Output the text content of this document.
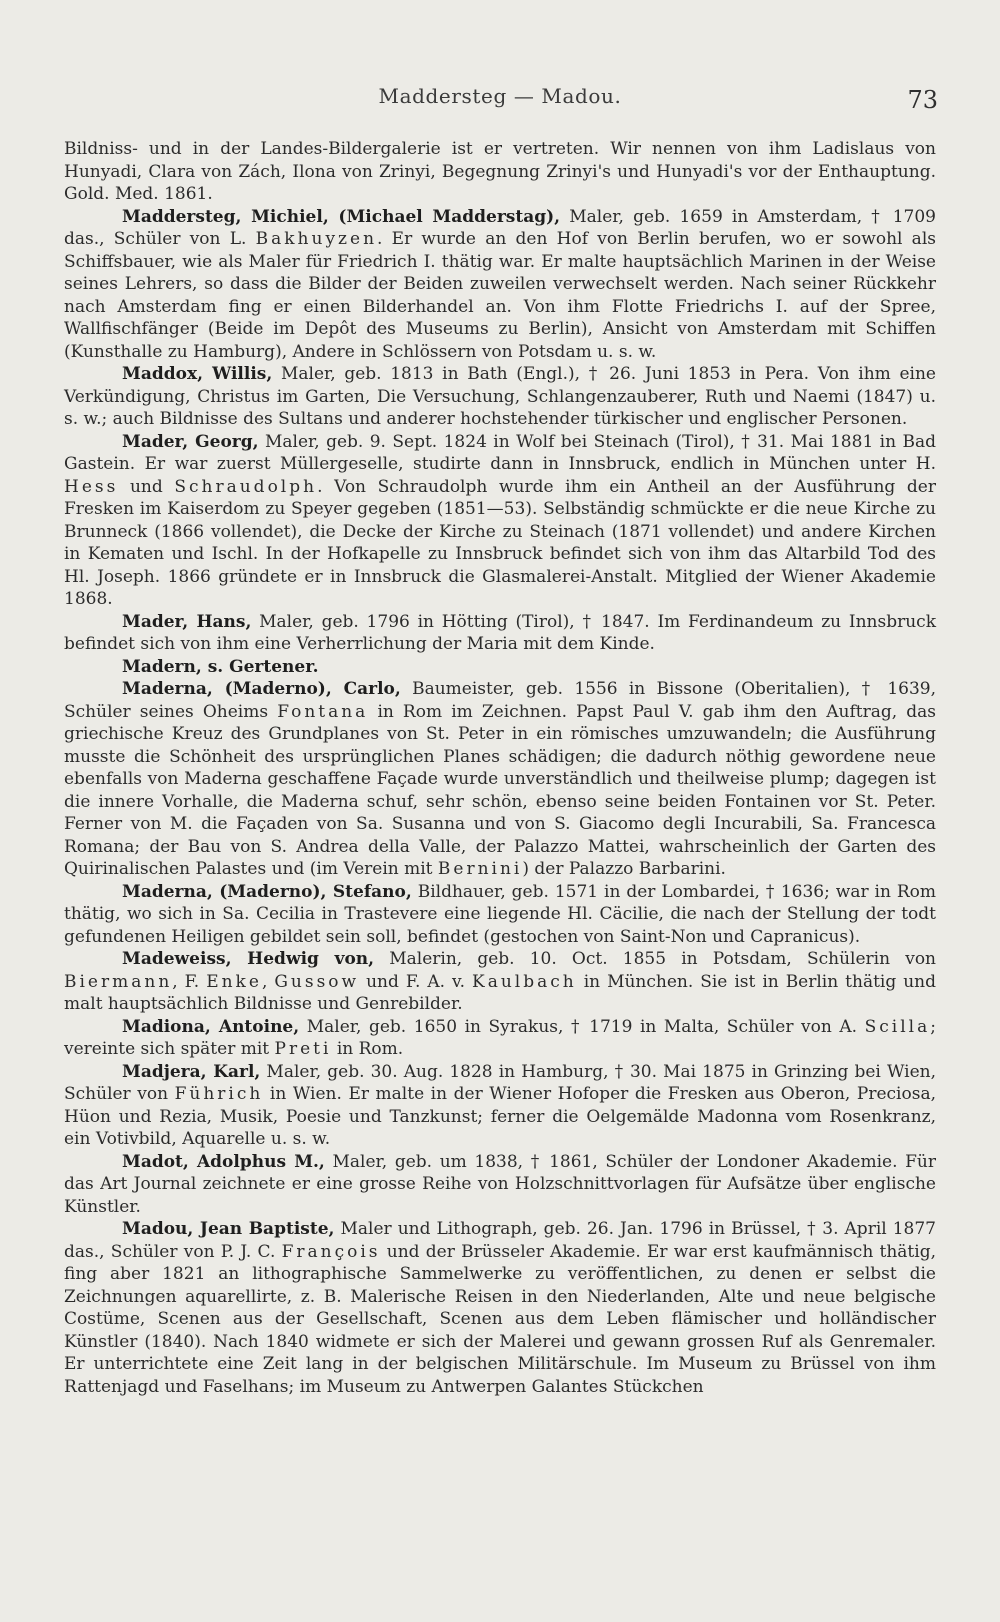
Maddersteg — Madou.	73

Bildniss- und in der Landes-Bildergalerie ist er vertreten. Wir nennen von ihm Ladislaus von Hunyadi, Clara von Zách, Ilona von Zrinyi, Begegnung Zrinyi's und Hunyadi's vor der Enthauptung. Gold. Med. 1861.

Maddersteg, Michiel, (Michael Madderstag), Maler, geb. 1659 in Amsterdam, † 1709 das., Schüler von L. Bakhuyzen. Er wurde an den Hof von Berlin berufen, wo er sowohl als Schiffsbauer, wie als Maler für Friedrich I. thätig war. Er malte hauptsächlich Marinen in der Weise seines Lehrers, so dass die Bilder der Beiden zuweilen verwechselt werden. Nach seiner Rückkehr nach Amsterdam fing er einen Bilderhandel an. Von ihm Flotte Friedrichs I. auf der Spree, Wallfischfänger (Beide im Depôt des Museums zu Berlin), Ansicht von Amsterdam mit Schiffen (Kunsthalle zu Hamburg), Andere in Schlössern von Potsdam u. s. w.

Maddox, Willis, Maler, geb. 1813 in Bath (Engl.), † 26. Juni 1853 in Pera. Von ihm eine Verkündigung, Christus im Garten, Die Versuchung, Schlangenzauberer, Ruth und Naemi (1847) u. s. w.; auch Bildnisse des Sultans und anderer hochstehender türkischer und englischer Personen.

Mader, Georg, Maler, geb. 9. Sept. 1824 in Wolf bei Steinach (Tirol), † 31. Mai 1881 in Bad Gastein. Er war zuerst Müllergeselle, studirte dann in Innsbruck, endlich in München unter H. Hess und Schraudolph. Von Schraudolph wurde ihm ein Antheil an der Ausführung der Fresken im Kaiserdom zu Speyer gegeben (1851—53). Selbständig schmückte er die neue Kirche zu Brunneck (1866 vollendet), die Decke der Kirche zu Steinach (1871 vollendet) und andere Kirchen in Kematen und Ischl. In der Hofkapelle zu Innsbruck befindet sich von ihm das Altarbild Tod des Hl. Joseph. 1866 gründete er in Innsbruck die Glasmalerei-Anstalt. Mitglied der Wiener Akademie 1868.

Mader, Hans, Maler, geb. 1796 in Hötting (Tirol), † 1847. Im Ferdinandeum zu Innsbruck befindet sich von ihm eine Verherrlichung der Maria mit dem Kinde.

Madern, s. Gertener.

Maderna, (Maderno), Carlo, Baumeister, geb. 1556 in Bissone (Oberitalien), † 1639, Schüler seines Oheims Fontana in Rom im Zeichnen. Papst Paul V. gab ihm den Auftrag, das griechische Kreuz des Grundplanes von St. Peter in ein römisches umzuwandeln; die Ausführung musste die Schönheit des ursprünglichen Planes schädigen; die dadurch nöthig gewordene neue ebenfalls von Maderna geschaffene Façade wurde unverständlich und theilweise plump; dagegen ist die innere Vorhalle, die Maderna schuf, sehr schön, ebenso seine beiden Fontainen vor St. Peter. Ferner von M. die Façaden von Sa. Susanna und von S. Giacomo degli Incurabili, Sa. Francesca Romana; der Bau von S. Andrea della Valle, der Palazzo Mattei, wahrscheinlich der Garten des Quirinalischen Palastes und (im Verein mit Bernini) der Palazzo Barbarini.

Maderna, (Maderno), Stefano, Bildhauer, geb. 1571 in der Lombardei, † 1636; war in Rom thätig, wo sich in Sa. Cecilia in Trastevere eine liegende Hl. Cäcilie, die nach der Stellung der todt gefundenen Heiligen gebildet sein soll, befindet (gestochen von Saint-Non und Capranicus).

Madeweiss, Hedwig von, Malerin, geb. 10. Oct. 1855 in Potsdam, Schülerin von Biermann, F. Enke, Gussow und F. A. v. Kaulbach in München. Sie ist in Berlin thätig und malt hauptsächlich Bildnisse und Genrebilder.

Madiona, Antoine, Maler, geb. 1650 in Syrakus, † 1719 in Malta, Schüler von A. Scilla; vereinte sich später mit Preti in Rom.

Madjera, Karl, Maler, geb. 30. Aug. 1828 in Hamburg, † 30. Mai 1875 in Grinzing bei Wien, Schüler von Führich in Wien. Er malte in der Wiener Hofoper die Fresken aus Oberon, Preciosa, Hüon und Rezia, Musik, Poesie und Tanzkunst; ferner die Oelgemälde Madonna vom Rosenkranz, ein Votivbild, Aquarelle u. s. w.

Madot, Adolphus M., Maler, geb. um 1838, † 1861, Schüler der Londoner Akademie. Für das Art Journal zeichnete er eine grosse Reihe von Holzschnittvorlagen für Aufsätze über englische Künstler.

Madou, Jean Baptiste, Maler und Lithograph, geb. 26. Jan. 1796 in Brüssel, † 3. April 1877 das., Schüler von P. J. C. François und der Brüsseler Akademie. Er war erst kaufmännisch thätig, fing aber 1821 an lithographische Sammelwerke zu veröffentlichen, zu denen er selbst die Zeichnungen aquarellirte, z. B. Malerische Reisen in den Niederlanden, Alte und neue belgische Costüme, Scenen aus der Gesellschaft, Scenen aus dem Leben flämischer und holländischer Künstler (1840). Nach 1840 widmete er sich der Malerei und gewann grossen Ruf als Genremaler. Er unterrichtete eine Zeit lang in der belgischen Militärschule. Im Museum zu Brüssel von ihm Rattenjagd und Faselhans; im Museum zu Antwerpen Galantes Stückchen
